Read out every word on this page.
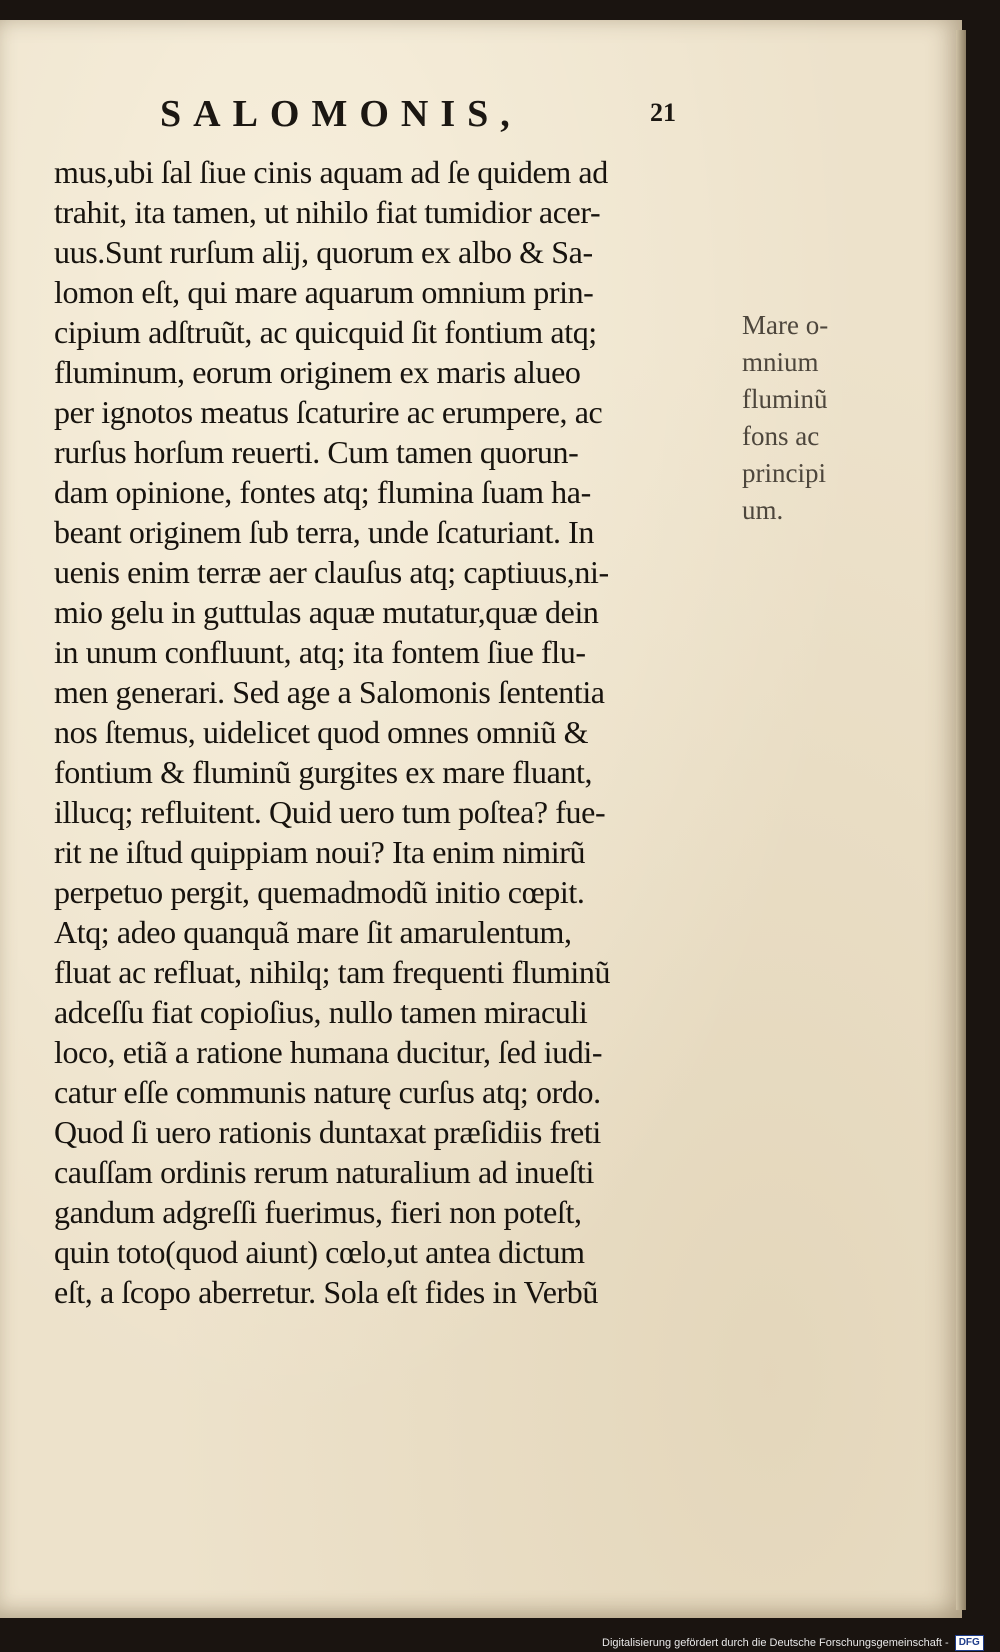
SALOMONIS,	21
mus,ubi ſal ſiue cinis aquam ad ſe quidem ad
trahit, ita tamen, ut nihilo fiat tumidior acer-
uus.Sunt rurſum alij, quorum ex albo & Sa-
lomon eſt, qui mare aquarum omnium prin-
cipium adſtruũt, ac quicquid ſit fontium atq;
fluminum, eorum originem ex maris alueo
per ignotos meatus ſcaturire ac erumpere, ac
rurſus horſum reuerti. Cum tamen quorun-
dam opinione, fontes atq; flumina ſuam ha-
beant originem ſub terra, unde ſcaturiant. In
uenis enim terræ aer clauſus atq; captiuus,ni-
mio gelu in guttulas aquæ mutatur,quæ dein
in unum confluunt, atq; ita fontem ſiue flu-
men generari. Sed age a Salomonis ſententia
nos ſtemus, uidelicet quod omnes omniũ &
fontium & fluminũ gurgites ex mare fluant,
illucq; refluitent. Quid uero tum poſtea? fue-
rit ne iſtud quippiam noui? Ita enim nimirũ
perpetuo pergit, quemadmodũ initio cœpit.
Atq; adeo quanquã mare ſit amarulentum,
fluat ac refluat, nihilq; tam frequenti fluminũ
adceſſu fiat copioſius, nullo tamen miraculi
loco, etiã a ratione humana ducitur, ſed iudi-
catur eſſe communis naturę curſus atq; ordo.
Quod ſi uero rationis duntaxat præſidiis freti
cauſſam ordinis rerum naturalium ad inueſti
gandum adgreſſi fuerimus, fieri non poteſt,
quin toto(quod aiunt) cœlo,ut antea dictum
eſt, a ſcopo aberretur. Sola eſt fides in Verbũ
Mare o-
mnium
fluminũ
fons ac
principi
um.
Digitalisierung gefördert durch die Deutsche Forschungsgemeinschaft -	DFG
